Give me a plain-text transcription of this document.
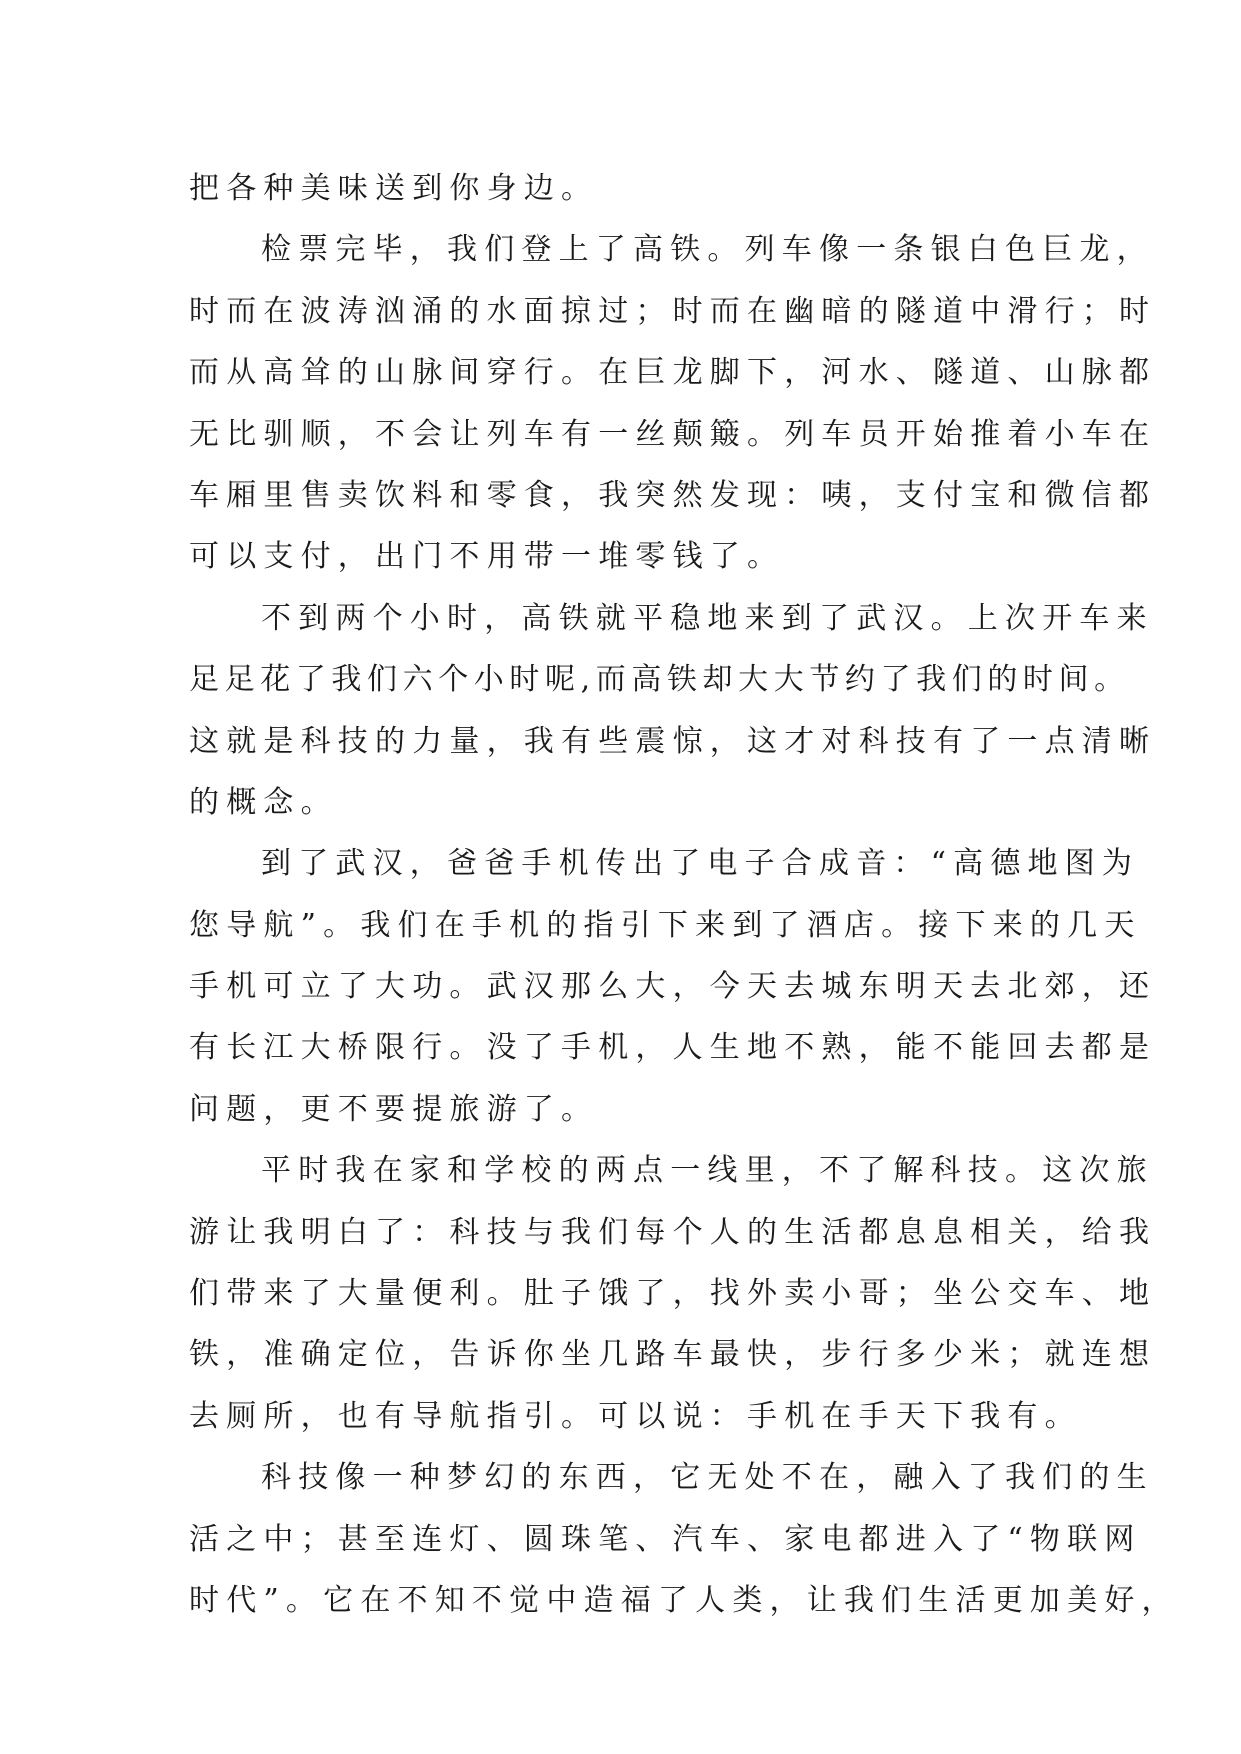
把各种美味送到你身边。
检票完毕，我们登上了高铁。列车像一条银白色巨龙，
时而在波涛汹涌的水面掠过；时而在幽暗的隧道中滑行；时
而从高耸的山脉间穿行。在巨龙脚下，河水、隧道、山脉都
无比驯顺，不会让列车有一丝颠簸。列车员开始推着小车在
车厢里售卖饮料和零食，我突然发现：咦，支付宝和微信都
可以支付，出门不用带一堆零钱了。
不到两个小时，高铁就平稳地来到了武汉。上次开车来
足足花了我们六个小时呢,而高铁却大大节约了我们的时间。
这就是科技的力量，我有些震惊，这才对科技有了一点清晰
的概念。
到了武汉，爸爸手机传出了电子合成音：“高德地图为
您导航”。我们在手机的指引下来到了酒店。接下来的几天
手机可立了大功。武汉那么大，今天去城东明天去北郊，还
有长江大桥限行。没了手机，人生地不熟，能不能回去都是
问题，更不要提旅游了。
平时我在家和学校的两点一线里，不了解科技。这次旅
游让我明白了：科技与我们每个人的生活都息息相关，给我
们带来了大量便利。肚子饿了，找外卖小哥；坐公交车、地
铁，准确定位，告诉你坐几路车最快，步行多少米；就连想
去厕所，也有导航指引。可以说：手机在手天下我有。
科技像一种梦幻的东西，它无处不在，融入了我们的生
活之中；甚至连灯、圆珠笔、汽车、家电都进入了“物联网
时代”。它在不知不觉中造福了人类，让我们生活更加美好，
